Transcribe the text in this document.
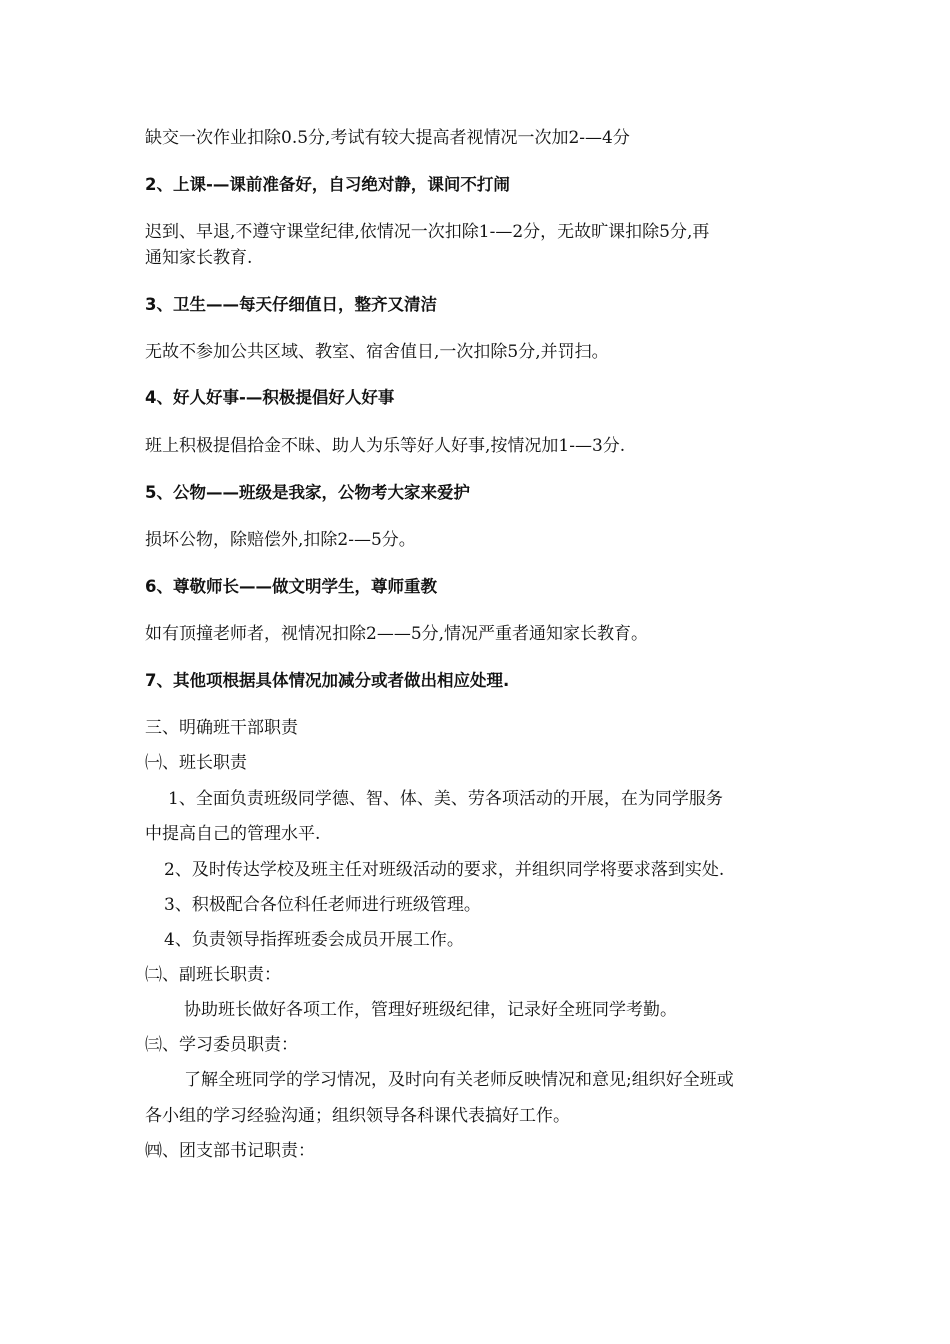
缺交一次作业扣除0.5分,考试有较大提高者视情况一次加2-—4分
2、上课-—课前准备好，自习绝对静，课间不打闹
迟到、早退,不遵守课堂纪律,依情况一次扣除1-—2分，无故旷课扣除5分,再
通知家长教育.
3、卫生——每天仔细值日，整齐又清洁
无故不参加公共区域、教室、宿舍值日,一次扣除5分,并罚扫。
4、好人好事-—积极提倡好人好事
班上积极提倡拾金不昧、助人为乐等好人好事,按情况加1-—3分.
5、公物——班级是我家，公物考大家来爱护
损坏公物，除赔偿外,扣除2-—5分。
6、尊敬师长——做文明学生，尊师重教
如有顶撞老师者，视情况扣除2——5分,情况严重者通知家长教育。
7、其他项根据具体情况加减分或者做出相应处理.
三、明确班干部职责
㈠、班长职责
1、全面负责班级同学德、智、体、美、劳各项活动的开展，在为同学服务
中提高自己的管理水平.
2、及时传达学校及班主任对班级活动的要求，并组织同学将要求落到实处.
3、积极配合各位科任老师进行班级管理。
4、负责领导指挥班委会成员开展工作。
㈡、副班长职责：
协助班长做好各项工作，管理好班级纪律，记录好全班同学考勤。
㈢、学习委员职责：
了解全班同学的学习情况，及时向有关老师反映情况和意见;组织好全班或
各小组的学习经验沟通；组织领导各科课代表搞好工作。
㈣、团支部书记职责：
